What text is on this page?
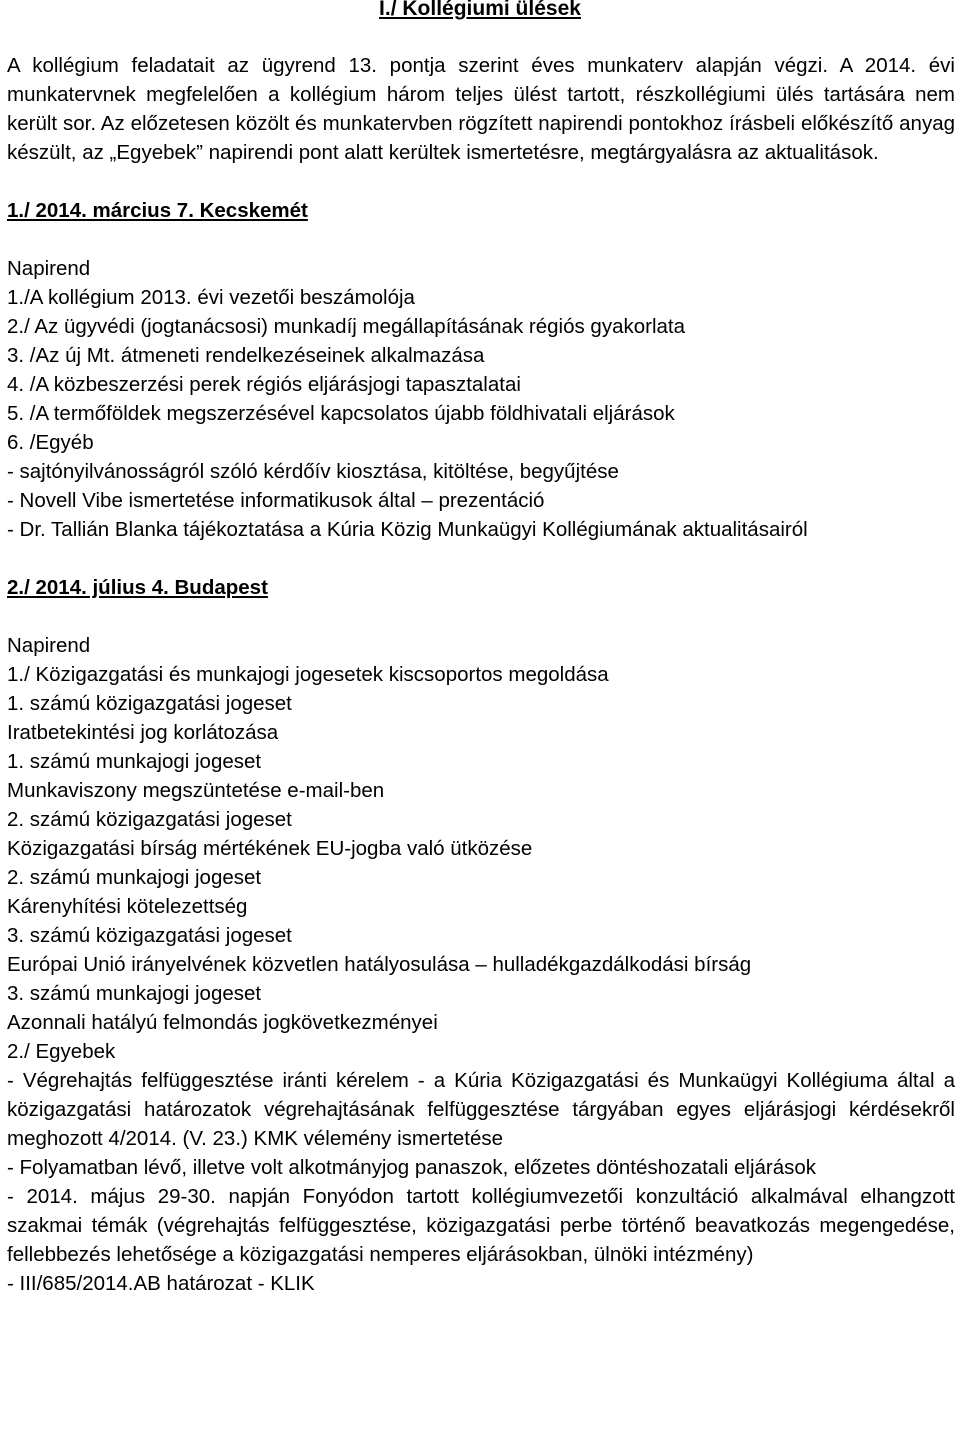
I./ Kollégiumi ülések

A kollégium feladatait az ügyrend 13. pontja szerint éves munkaterv alapján végzi. A 2014. évi munkatervnek megfelelően a kollégium három teljes ülést tartott, részkollégiumi ülés tartására nem került sor. Az előzetesen közölt és munkatervben rögzített napirendi pontokhoz írásbeli előkészítő anyag készült, az „Egyebek” napirendi pont alatt kerültek ismertetésre, megtárgyalásra az aktualitások.

1./ 2014. március 7. Kecskemét

Napirend

1./A kollégium 2013. évi vezetői beszámolója

2./ Az ügyvédi (jogtanácsosi) munkadíj megállapításának régiós gyakorlata

3. /Az új Mt. átmeneti rendelkezéseinek alkalmazása

4. /A közbeszerzési perek régiós eljárásjogi tapasztalatai

5. /A termőföldek megszerzésével kapcsolatos újabb földhivatali eljárások

6. /Egyéb

- sajtónyilvánosságról szóló kérdőív kiosztása, kitöltése, begyűjtése

- Novell Vibe ismertetése informatikusok által – prezentáció

- Dr. Tallián Blanka tájékoztatása a Kúria Közig Munkaügyi Kollégiumának aktualitásairól

2./ 2014. július 4. Budapest

Napirend

1./ Közigazgatási és munkajogi jogesetek kiscsoportos megoldása

1. számú közigazgatási jogeset

Iratbetekintési jog korlátozása

1. számú munkajogi jogeset

Munkaviszony megszüntetése e-mail-ben

2. számú közigazgatási jogeset

Közigazgatási bírság mértékének EU-jogba való ütközése

2. számú munkajogi jogeset

Kárenyhítési kötelezettség

3. számú közigazgatási jogeset

Európai Unió irányelvének közvetlen hatályosulása – hulladékgazdálkodási bírság

3. számú munkajogi jogeset

Azonnali hatályú felmondás jogkövetkezményei

2./ Egyebek

- Végrehajtás felfüggesztése iránti kérelem - a Kúria Közigazgatási és Munkaügyi Kollégiuma által a közigazgatási határozatok végrehajtásának felfüggesztése tárgyában egyes eljárásjogi kérdésekről meghozott 4/2014. (V. 23.) KMK vélemény ismertetése

- Folyamatban lévő, illetve volt alkotmányjog panaszok, előzetes döntéshozatali eljárások

- 2014. május 29-30. napján Fonyódon tartott kollégiumvezetői konzultáció alkalmával elhangzott szakmai témák (végrehajtás felfüggesztése, közigazgatási perbe történő beavatkozás megengedése, fellebbezés lehetősége a közigazgatási nemperes eljárásokban, ülnöki intézmény)

- III/685/2014.AB határozat - KLIK
